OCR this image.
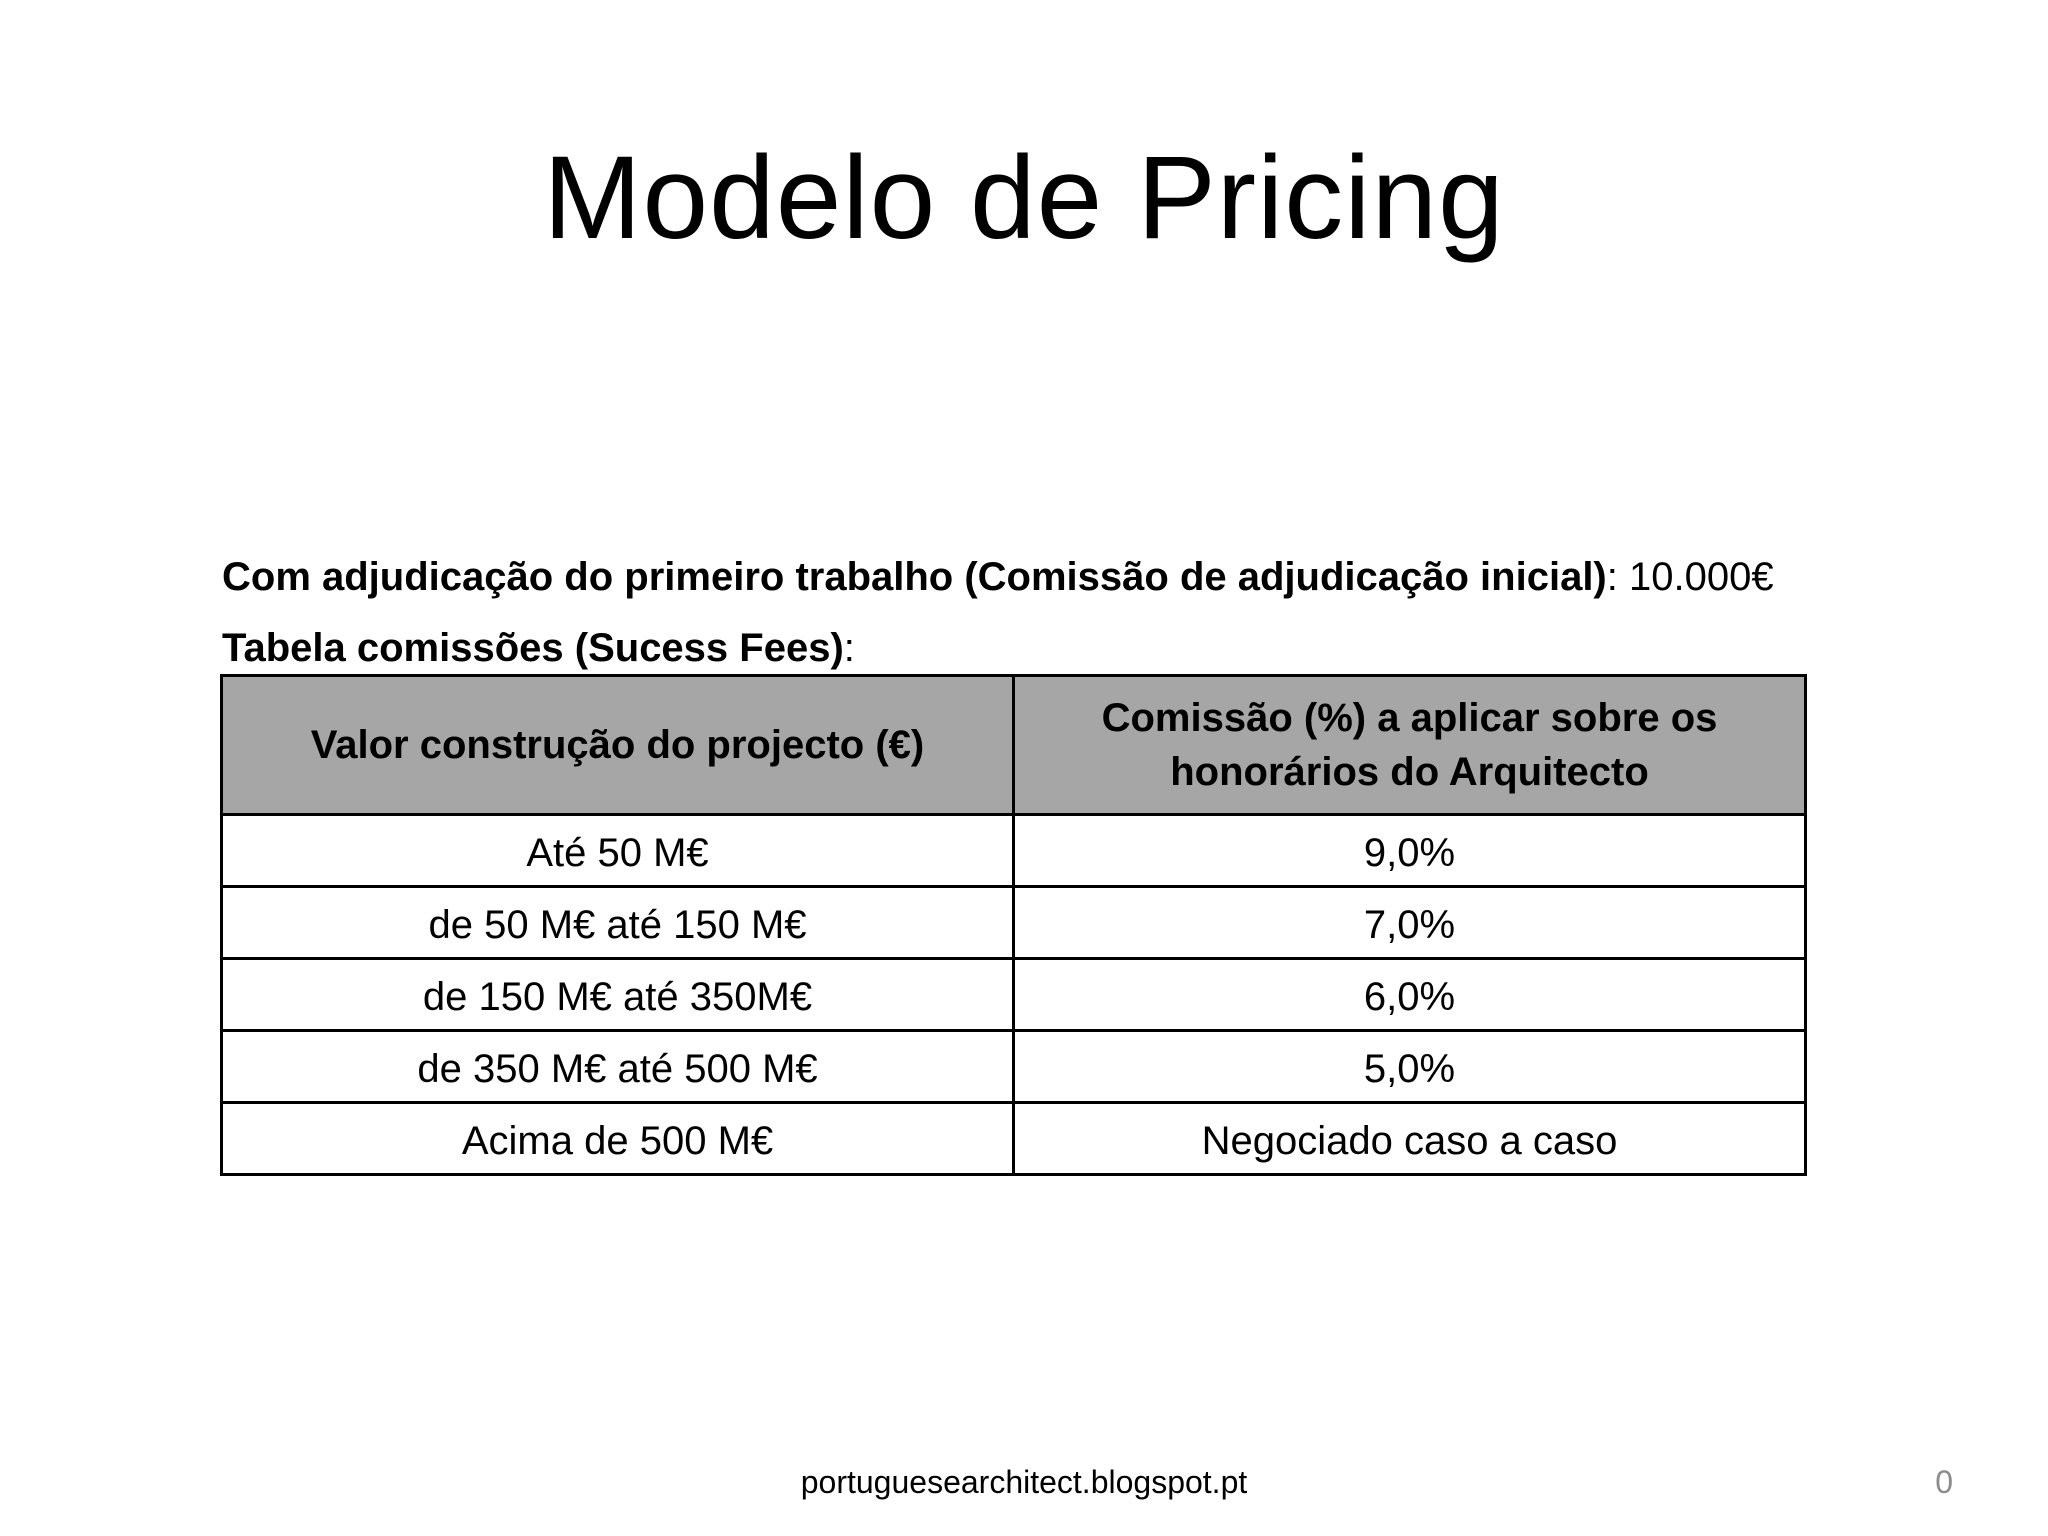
Modelo de Pricing
Com adjudicação do primeiro trabalho (Comissão de adjudicação inicial): 10.000€
Tabela comissões (Sucess Fees):
Valor construção do projecto (€)	Comissão (%) a aplicar sobre os honorários do Arquitecto
Até 50 M€	9,0%
de 50 M€ até 150 M€	7,0%
de 150 M€ até 350M€	6,0%
de 350 M€ até 500 M€	5,0%
Acima de 500 M€	Negociado caso a caso
portuguesearchitect.blogspot.pt	0
